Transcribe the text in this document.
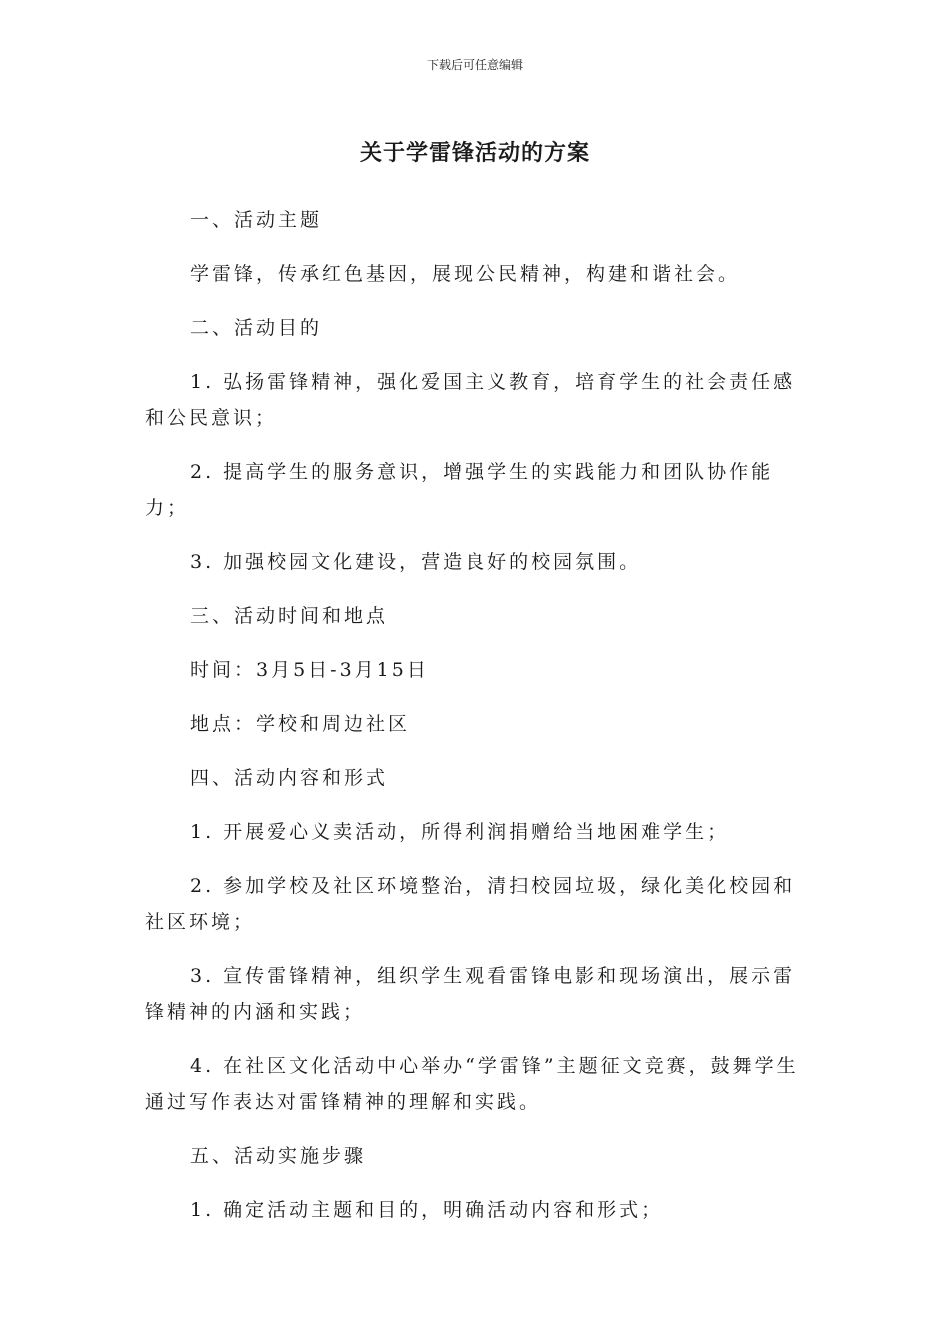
下载后可任意编辑
关于学雷锋活动的方案

一、活动主题

学雷锋，传承红色基因，展现公民精神，构建和谐社会。

二、活动目的

1. 弘扬雷锋精神，强化爱国主义教育，培育学生的社会责任感和公民意识；

2. 提高学生的服务意识，增强学生的实践能力和团队协作能力；

3. 加强校园文化建设，营造良好的校园氛围。

三、活动时间和地点

时间：3月5日-3月15日

地点：学校和周边社区

四、活动内容和形式

1. 开展爱心义卖活动，所得利润捐赠给当地困难学生；

2. 参加学校及社区环境整治，清扫校园垃圾，绿化美化校园和社区环境；

3. 宣传雷锋精神，组织学生观看雷锋电影和现场演出，展示雷锋精神的内涵和实践；

4. 在社区文化活动中心举办“学雷锋”主题征文竞赛，鼓舞学生通过写作表达对雷锋精神的理解和实践。

五、活动实施步骤

1. 确定活动主题和目的，明确活动内容和形式；
